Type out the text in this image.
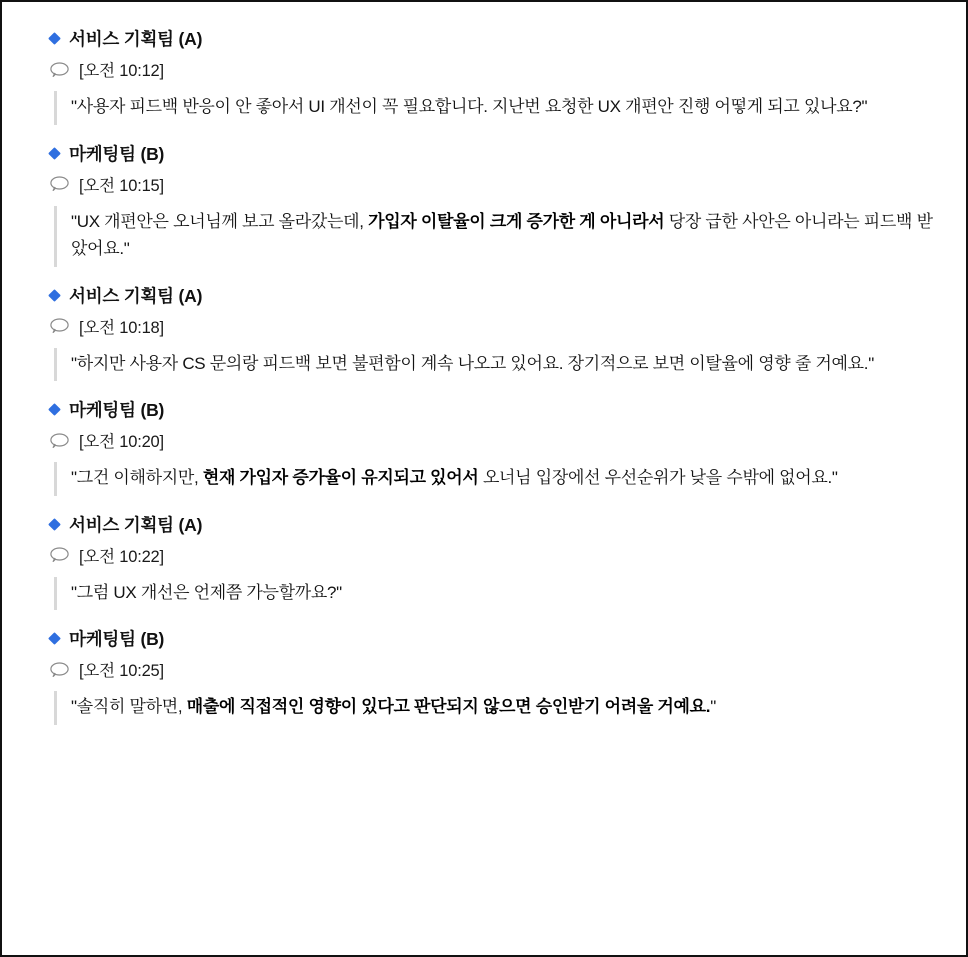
서비스 기획팀 (A)
[오전 10:12]
"사용자 피드백 반응이 안 좋아서 UI 개선이 꼭 필요합니다. 지난번 요청한 UX 개편안 진행 어떻게 되고 있나요?"
마케팅팀 (B)
[오전 10:15]
"UX 개편안은 오너님께 보고 올라갔는데, 가입자 이탈율이 크게 증가한 게 아니라서 당장 급한 사안은 아니라는 피드백 받았어요."
서비스 기획팀 (A)
[오전 10:18]
"하지만 사용자 CS 문의랑 피드백 보면 불편함이 계속 나오고 있어요. 장기적으로 보면 이탈율에 영향 줄 거예요."
마케팅팀 (B)
[오전 10:20]
"그건 이해하지만, 현재 가입자 증가율이 유지되고 있어서 오너님 입장에선 우선순위가 낮을 수밖에 없어요."
서비스 기획팀 (A)
[오전 10:22]
"그럼 UX 개선은 언제쯤 가능할까요?"
마케팅팀 (B)
[오전 10:25]
"솔직히 말하면, 매출에 직접적인 영향이 있다고 판단되지 않으면 승인받기 어려울 거예요."
